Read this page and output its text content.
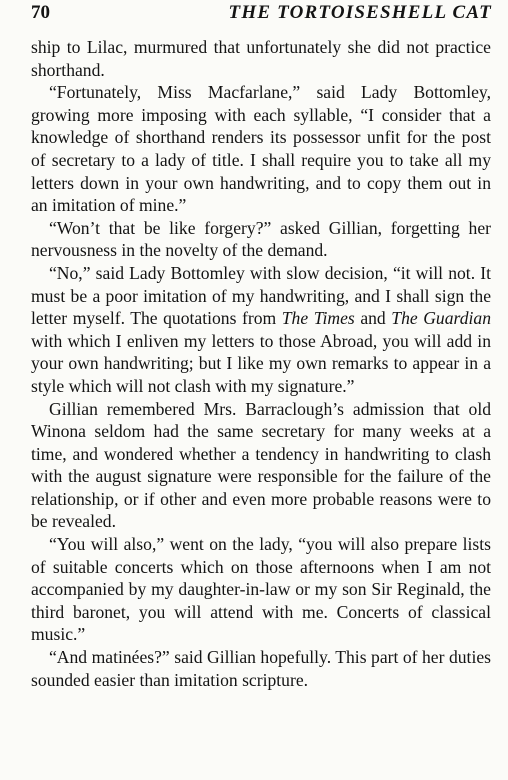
70	THE TORTOISESHELL CAT

ship to Lilac, murmured that unfortunately she did not practice shorthand.

“Fortunately, Miss Macfarlane,” said Lady Bottomley, growing more imposing with each syllable, “I consider that a knowledge of shorthand renders its possessor unfit for the post of secretary to a lady of title. I shall require you to take all my letters down in your own handwriting, and to copy them out in an imitation of mine.”

“Won’t that be like forgery?” asked Gillian, forgetting her nervousness in the novelty of the demand.

“No,” said Lady Bottomley with slow decision, “it will not. It must be a poor imitation of my handwriting, and I shall sign the letter myself. The quotations from The Times and The Guardian with which I enliven my letters to those Abroad, you will add in your own handwriting; but I like my own remarks to appear in a style which will not clash with my signature.”

Gillian remembered Mrs. Barraclough’s admission that old Winona seldom had the same secretary for many weeks at a time, and wondered whether a tendency in handwriting to clash with the august signature were responsible for the failure of the relationship, or if other and even more probable reasons were to be revealed.

“You will also,” went on the lady, “you will also prepare lists of suitable concerts which on those afternoons when I am not accompanied by my daughter-in-law or my son Sir Reginald, the third baronet, you will attend with me. Concerts of classical music.”

“And matinées?” said Gillian hopefully. This part of her duties sounded easier than imitation scripture.
